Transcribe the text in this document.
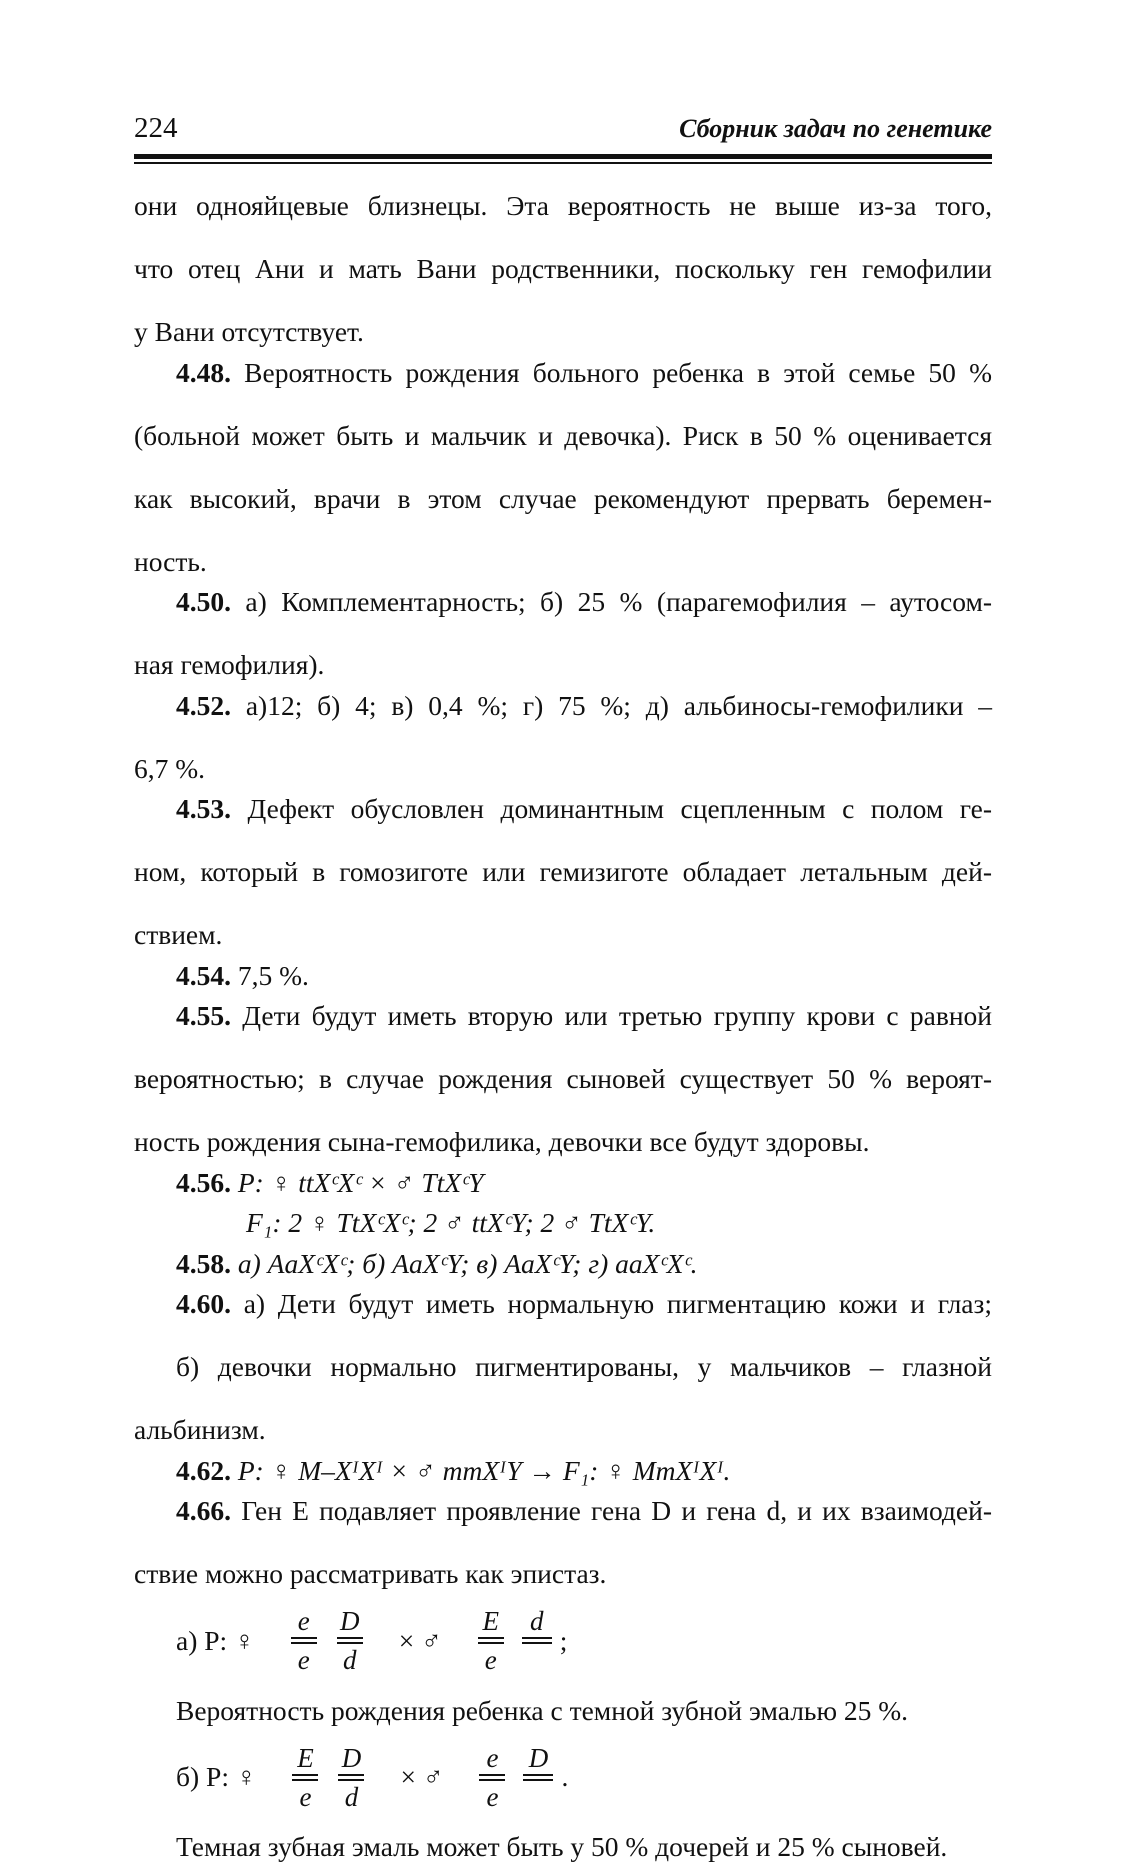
224	Сборник задач по генетике

они однояйцевые близнецы. Эта вероятность не выше из-за того,
что отец Ани и мать Вани родственники, поскольку ген гемофилии
у Вани отсутствует.

4.48. Вероятность рождения больного ребенка в этой семье 50 %
(больной может быть и мальчик и девочка). Риск в 50 % оценивается
как высокий, врачи в этом случае рекомендуют прервать беремен-
ность.

4.50. а) Комплементарность; б) 25 % (парагемофилия – аутосом-
ная гемофилия).

4.52. а)12; б) 4; в) 0,4 %; г) 75 %; д) альбиносы-гемофилики –
6,7 %.

4.53. Дефект обусловлен доминантным сцепленным с полом ге-
ном, который в гомозиготе или гемизиготе обладает летальным дей-
ствием.

4.54. 7,5 %.

4.55. Дети будут иметь вторую или третью группу крови с равной
вероятностью; в случае рождения сыновей существует 50 % вероят-
ность рождения сына-гемофилика, девочки все будут здоровы.

4.56. P: ♀ ttXᶜXᶜ × ♂ TtXᶜY

F₁: 2 ♀ TtXᶜXᶜ; 2 ♂ ttXᶜY; 2 ♂ TtXᶜY.

4.58. а) AaXᶜXᶜ; б) AaXᶜY; в) AaXᶜY; г) aaXᶜXᶜ.

4.60. а) Дети будут иметь нормальную пигментацию кожи и глаз;
б) девочки нормально пигментированы, у мальчиков – глазной
альбинизм.

4.62. P: ♀ M–XᴵXᴵ × ♂ mmXᴵY → F₁: ♀ MmXᴵXᴵ.

4.66. Ген E подавляет проявление гена D и гена d, и их взаимодей-
ствие можно рассматривать как эпистаз.

а) P: ♀
e
e
D
d
× ♂
E
e
d
;

Вероятность рождения ребенка с темной зубной эмалью 25 %.

б) P: ♀
E
e
D
d
× ♂
e
e
D
.

Темная зубная эмаль может быть у 50 % дочерей и 25 % сыновей.
